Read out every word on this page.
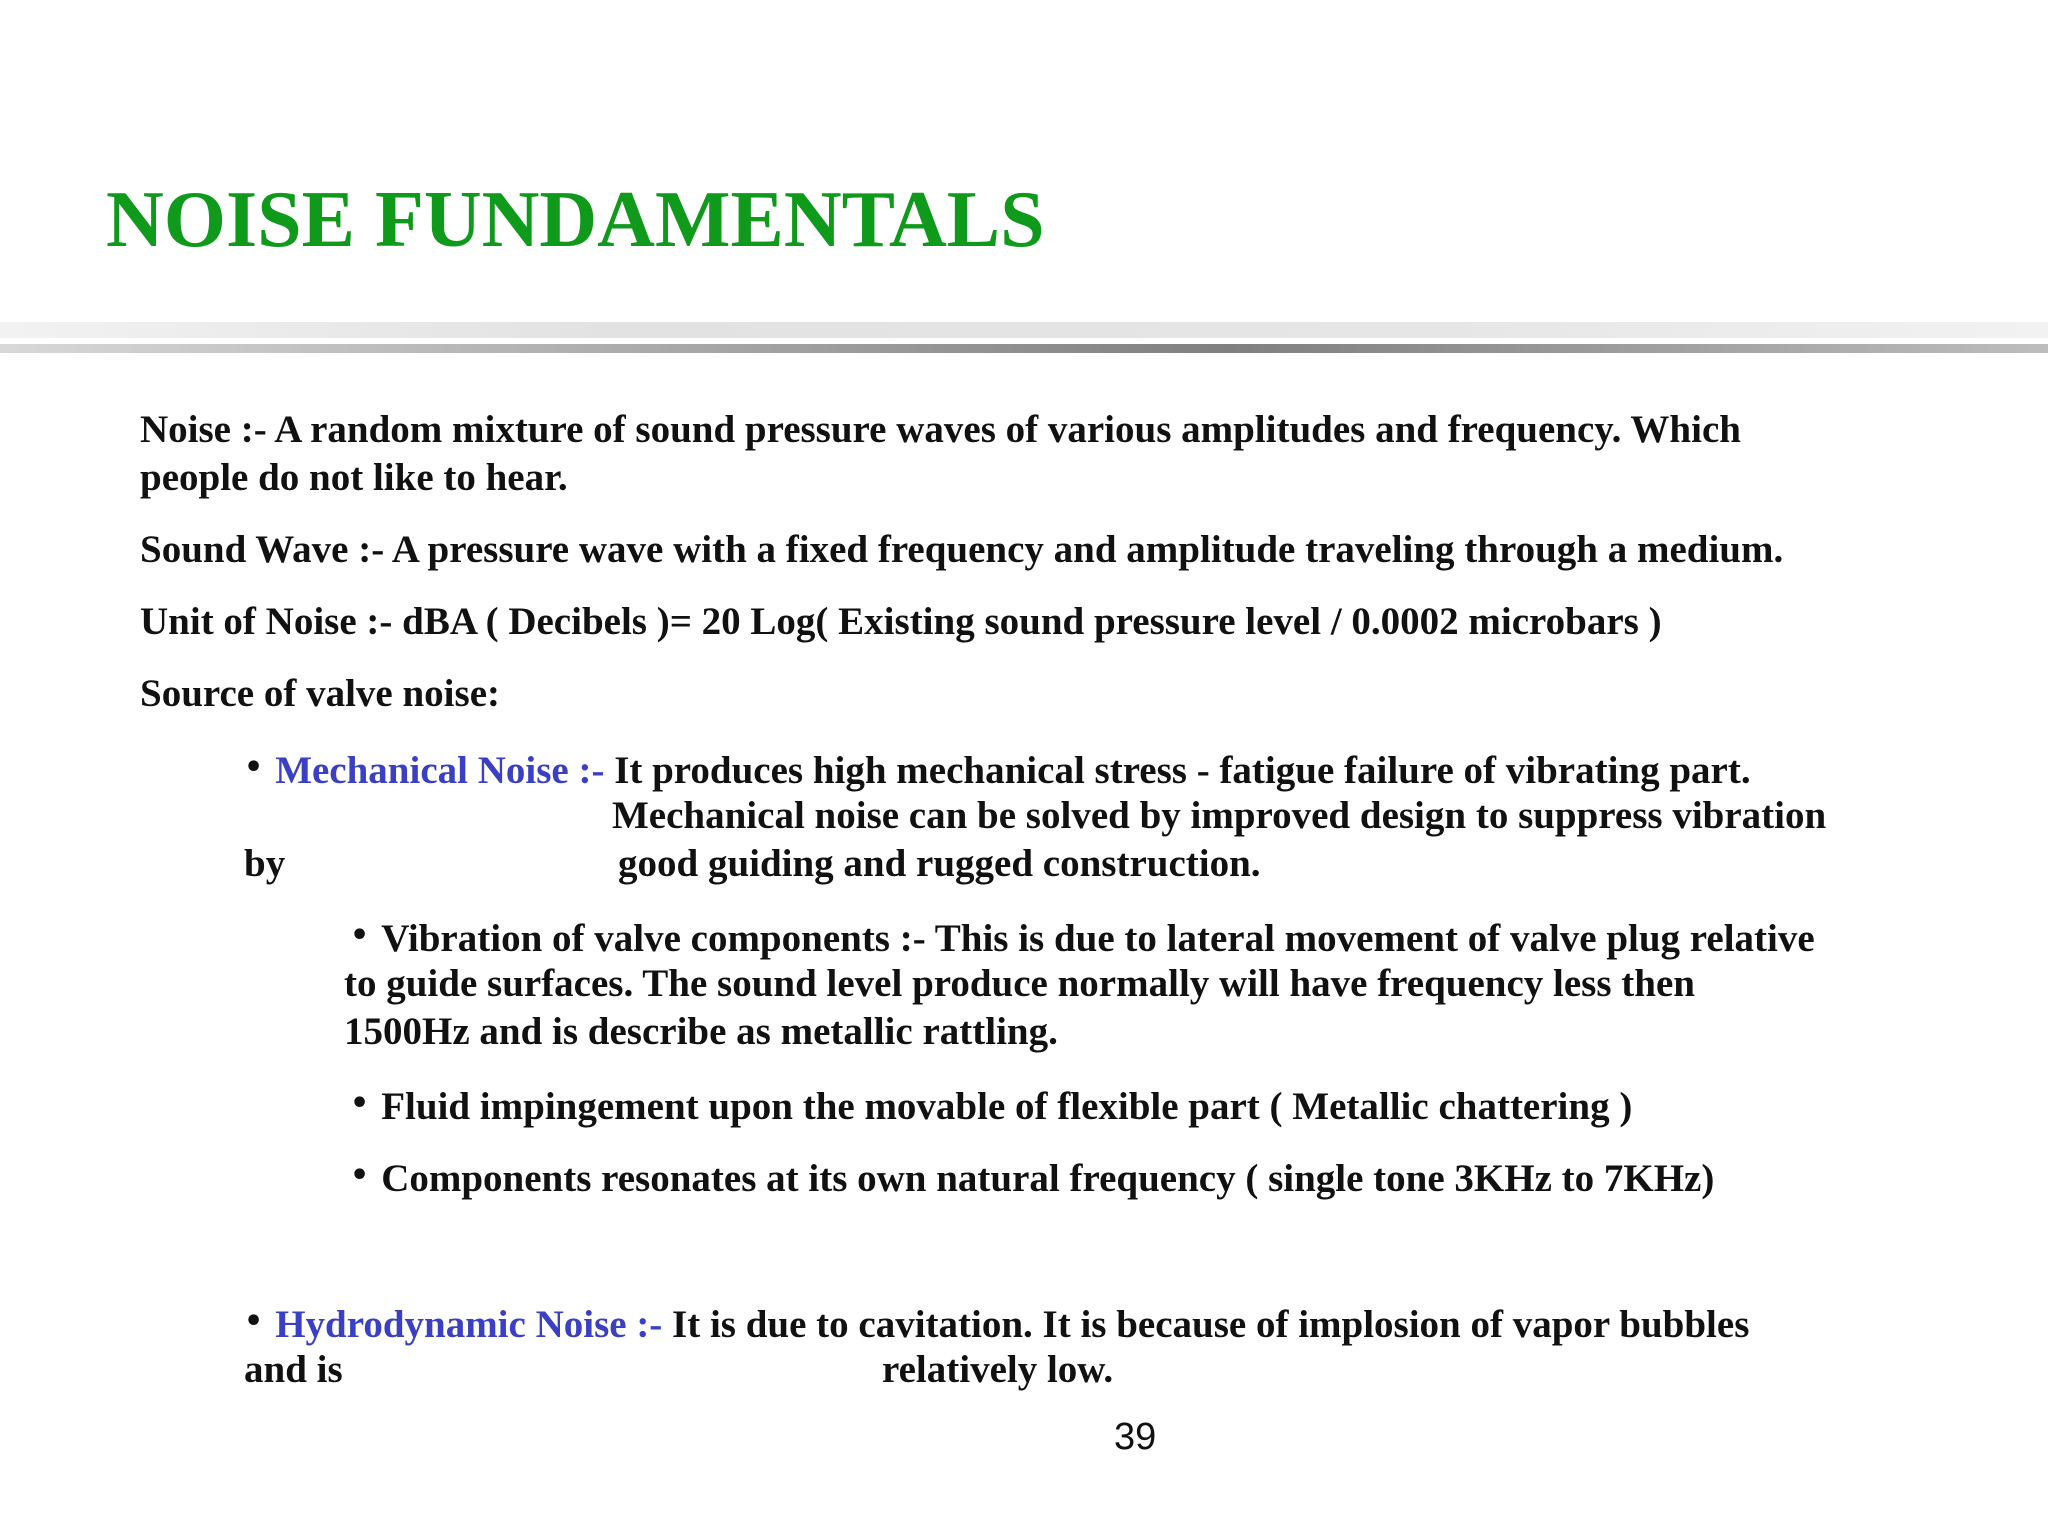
NOISE FUNDAMENTALS
Noise :- A random mixture of sound pressure waves of various amplitudes and frequency. Which
people do not like to hear.
Sound Wave :- A pressure wave with a fixed frequency and amplitude traveling through a medium.
Unit of Noise :- dBA ( Decibels )= 20 Log( Existing sound pressure level / 0.0002 microbars )
Source of valve noise:
• Mechanical Noise :- It produces high mechanical stress - fatigue failure of vibrating part.
Mechanical noise can be solved by improved design to suppress vibration
by	good guiding and rugged construction.
• Vibration of valve components :- This is due to lateral movement of valve plug relative
to guide surfaces. The sound level produce normally will have frequency less then
1500Hz and is describe as metallic rattling.
• Fluid impingement upon the movable of flexible part ( Metallic chattering )
• Components resonates at its own natural frequency ( single tone 3KHz to 7KHz)
• Hydrodynamic Noise :- It is due to cavitation. It is because of implosion of vapor bubbles
and is	relatively low.
39
